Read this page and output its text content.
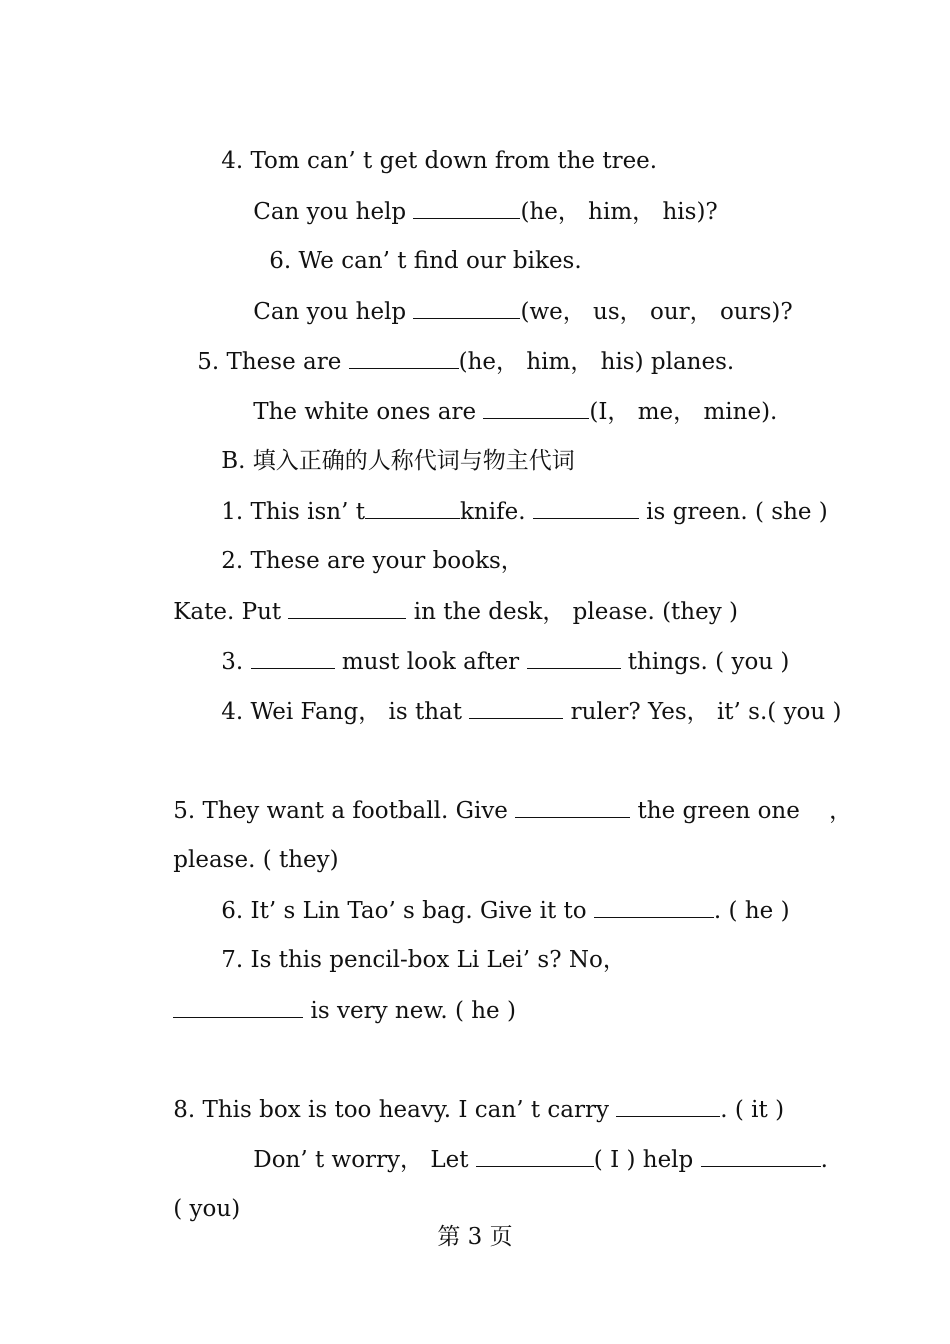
4. Tom can’ t get down from the tree.

Can you help	(he， him， his)?

6. We can’ t find our bikes.

Can you help	(we， us， our， ours)?

5. These are	(he， him， his) planes.

The white ones are	(I， me， mine).

B. 填入正确的人称代词与物主代词

1. This isn’ t	knife.	is green. ( she )

2. These are your books，

Kate. Put	in the desk， please. (they )

3.	must look after	things. ( you )

4. Wei Fang， is that	ruler? Yes， it’ s.( you )

5. They want a football. Give	the green one    ，

please. ( they)

6. It’ s Lin Tao’ s bag. Give it to	. ( he )

7. Is this pencil-box Li Lei’ s? No，

is very new. ( he )

8. This box is too heavy. I can’ t carry	. ( it )

Don’ t worry， Let	( I ) help	.

( you)

第 3 页
